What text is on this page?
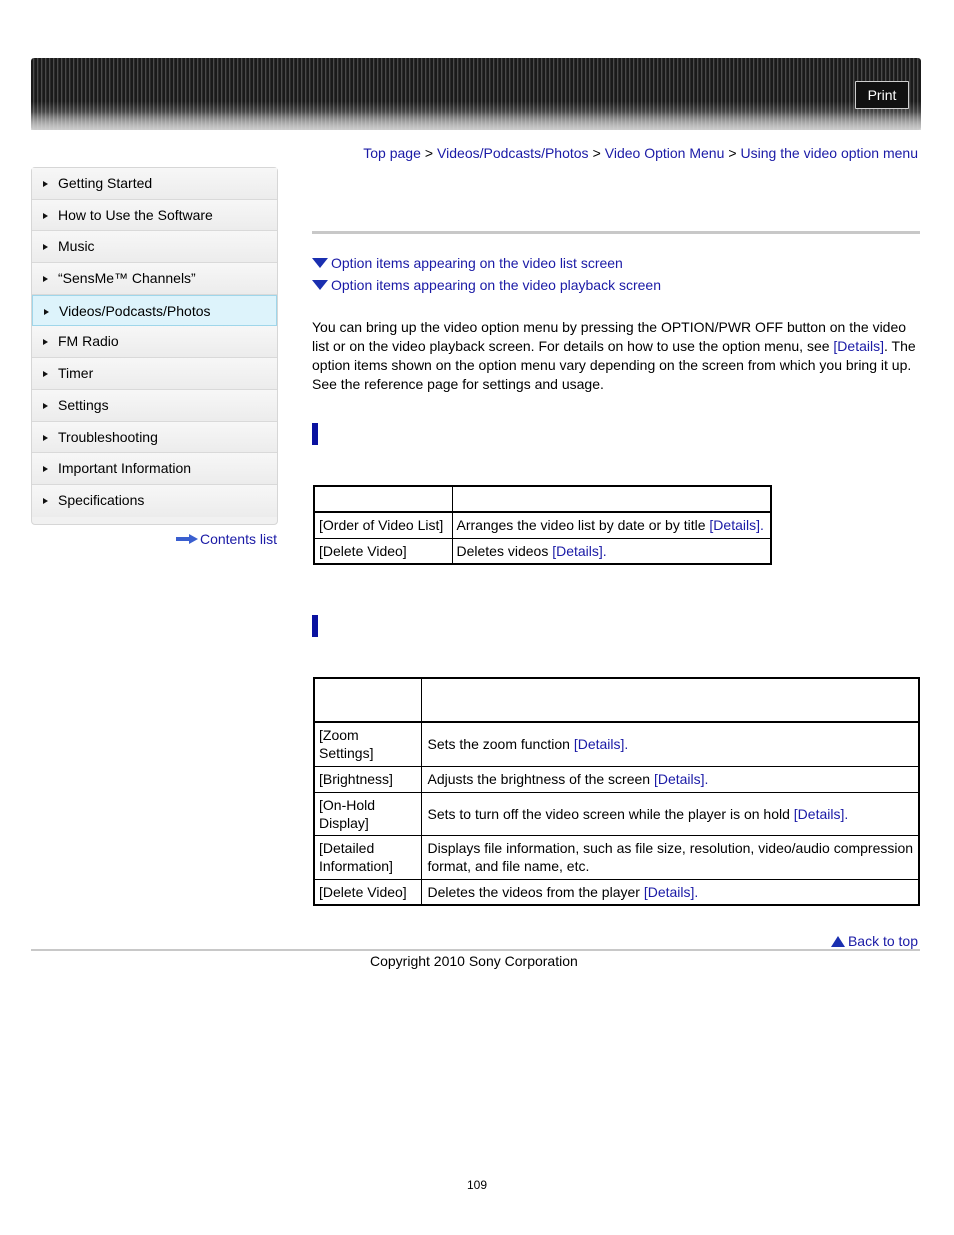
Print
Top page > Videos/Podcasts/Photos > Video Option Menu > Using the video option menu
Getting Started
How to Use the Software
Music
“SensMe™ Channels”
Videos/Podcasts/Photos
FM Radio
Timer
Settings
Troubleshooting
Important Information
Specifications
Contents list
Option items appearing on the video list screen
Option items appearing on the video playback screen

You can bring up the video option menu by pressing the OPTION/PWR OFF button on the video list or on the video playback screen. For details on how to use the option menu, see [Details]. The option items shown on the option menu vary depending on the screen from which you bring it up. See the reference page for settings and usage.

[Order of Video List]	Arranges the video list by date or by title [Details].
[Delete Video]	Deletes videos [Details].

[Zoom Settings]	Sets the zoom function [Details].
[Brightness]	Adjusts the brightness of the screen [Details].
[On-Hold Display]	Sets to turn off the video screen while the player is on hold [Details].
[Detailed Information]	Displays file information, such as file size, resolution, video/audio compression format, and file name, etc.
[Delete Video]	Deletes the videos from the player [Details].
Back to top
Copyright 2010 Sony Corporation
109
